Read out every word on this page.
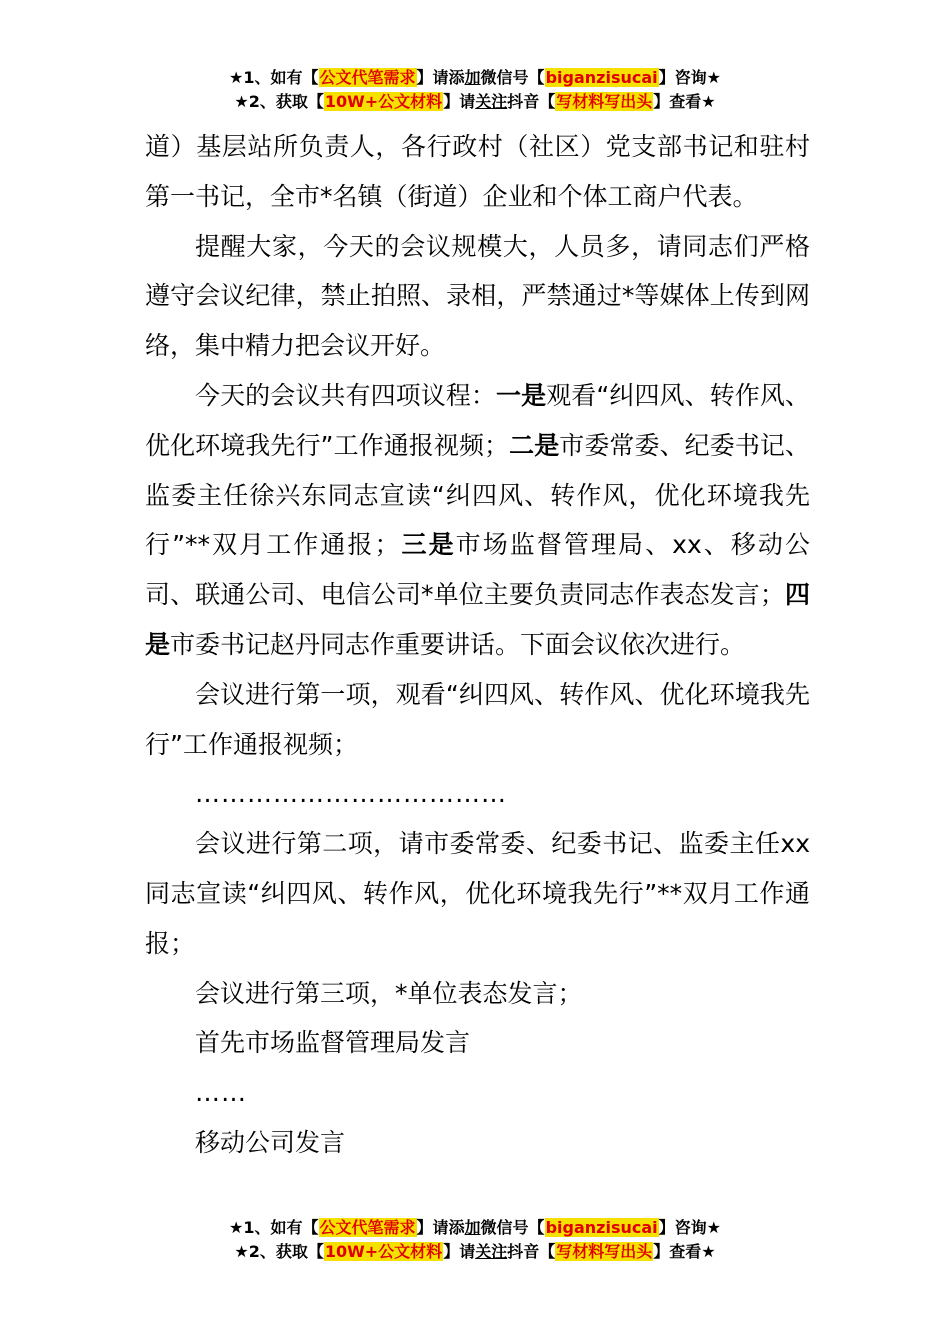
★1、如有【公文代笔需求】请添加微信号【biganzisucai】咨询★
★2、获取【10W+公文材料】请关注抖音【写材料写出头】查看★

道）基层站所负责人，各行政村（社区）党支部书记和驻村第一书记，全市*名镇（街道）企业和个体工商户代表。

提醒大家，今天的会议规模大，人员多，请同志们严格遵守会议纪律，禁止拍照、录相，严禁通过*等媒体上传到网络，集中精力把会议开好。

今天的会议共有四项议程：一是观看“纠四风、转作风、优化环境我先行”工作通报视频；二是市委常委、纪委书记、监委主任徐兴东同志宣读“纠四风、转作风，优化环境我先行”**双月工作通报；三是市场监督管理局、xx、移动公司、联通公司、电信公司*单位主要负责同志作表态发言；四是市委书记赵丹同志作重要讲话。下面会议依次进行。

会议进行第一项，观看“纠四风、转作风、优化环境我先行”工作通报视频；

………………………………

会议进行第二项，请市委常委、纪委书记、监委主任xx同志宣读“纠四风、转作风，优化环境我先行”**双月工作通报；

会议进行第三项，*单位表态发言；

首先市场监督管理局发言

……

移动公司发言

★1、如有【公文代笔需求】请添加微信号【biganzisucai】咨询★
★2、获取【10W+公文材料】请关注抖音【写材料写出头】查看★
